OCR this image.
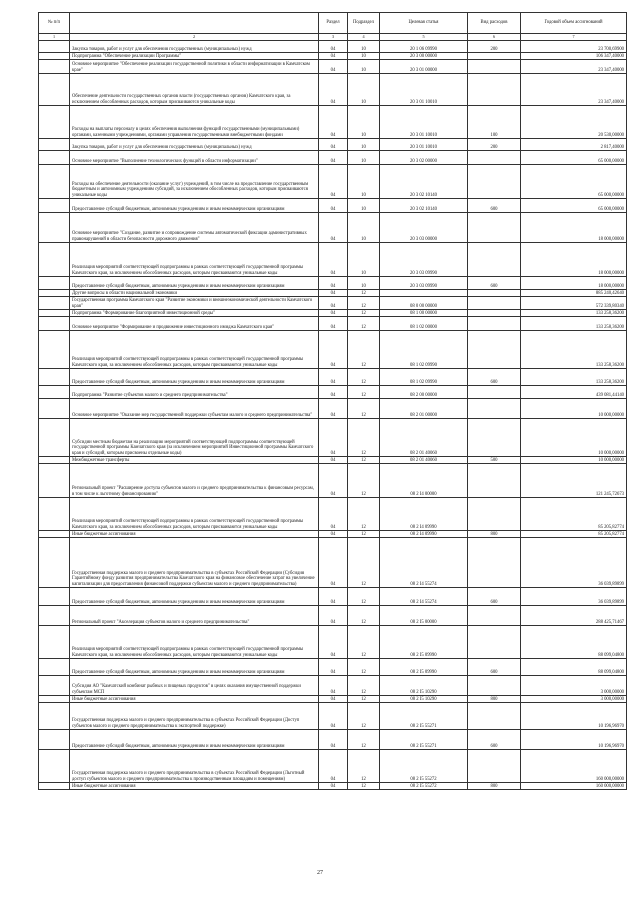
№ п/п		Раздел	Подраздел	Целевая статья	Вид расходов	Годовой объем ассигнований
1	2	3	4	5	6	7
	Закупка товаров, работ и услуг для обеспечения государственных (муниципальных) нужд	04	10	20 1 06 09990	200	23 700,69900
	Подпрограмма "Обеспечение реализации Программы"	04	10	20 3 00 00000		106 347,40000
	Основное мероприятие "Обеспечение реализации государственной политики в области информатизации в Камчатском крае"	04	10	20 3 01 00000		23 347,40000
	Обеспечение деятельности государственных органов власти (государственных органов) Камчатского края, за исключением обособленных расходов, которым присваиваются уникальные коды	04	10	20 3 01 10010		23 347,40000
	Расходы на выплаты персоналу в целях обеспечения выполнения функций государственными (муниципальными) органами, казенными учреждениями, органами управления государственными внебюджетными фондами	04	10	20 3 01 10010	100	20 530,00000
	Закупка товаров, работ и услуг для обеспечения государственных (муниципальных) нужд	04	10	20 3 01 10010	200	2 817,40000
	Основное мероприятие "Выполнение технологических функций в области информатизации"	04	10	20 3 02 00000		65 000,00000
	Расходы на обеспечение деятельности (оказание услуг) учреждений, в том числе на предоставление государственным бюджетным и автономным учреждениям субсидий, за исключением обособленных расходов, которым присваиваются уникальные коды	04	10	20 3 02 10140		65 000,00000
	Предоставление субсидий бюджетным, автономным учреждениям и иным некоммерческим организациям	04	10	20 3 02 10140	600	65 000,00000
	Основное мероприятие "Создание, развитие и сопровождение системы автоматической фиксации административных правонарушений в области безопасности дорожного движения"	04	10	20 3 03 00000		18 000,00000
	Реализация мероприятий соответствующей подпрограммы в рамках соответствующей государственной программы Камчатского края, за исключением обособленных расходов, которым присваиваются уникальные коды	04	10	20 3 03 09990		18 000,00000
	Предоставление субсидий бюджетным, автономным учреждениям и иным некоммерческим организациям	04	10	20 3 03 09990	600	18 000,00000
	Другие вопросы в области национальной экономики	04	12			885 240,42640
	Государственная программа Камчатского края "Развитие экономики и внешнеэкономической деятельности Камчатского края"	04	12	08 0 00 00000		572 339,80340
	Подпрограмма "Формирование благоприятной инвестиционной среды"	04	12	08 1 00 00000		133 258,36200
	Основное мероприятие "Формирование и продвижение инвестиционного имиджа Камчатского края"	04	12	08 1 02 00000		133 258,36200
	Реализация мероприятий соответствующей подпрограммы в рамках соответствующей государственной программы Камчатского края, за исключением обособленных расходов, которым присваиваются уникальные коды	04	12	08 1 02 09990		133 258,36200
	Предоставление субсидий бюджетным, автономным учреждениям и иным некоммерческим организациям	04	12	08 1 02 09990	600	133 258,36200
	Подпрограмма "Развитие субъектов малого и среднего предпринимательства"	04	12	08 2 00 00000		439 081,44140
	Основное мероприятие "Оказание мер государственной поддержки субъектам малого и среднего предпринимательства"	04	12	08 2 01 00000		10 000,00000
	Субсидии местным бюджетам на реализацию мероприятий соответствующей подпрограммы соответствующей государственной программы Камчатского края (за исключением мероприятий Инвестиционной программы Камчатского края и субсидий, которым присвоены отдельные коды)	04	12	08 2 01 40060		10 000,00000
	Межбюджетные трансферты	04	12	08 2 01 40060	500	10 000,00000
	Региональный проект "Расширение доступа субъектов малого и среднего предпринимательства к финансовым ресурсам, в том числе к льготному финансированию"	04	12	08 2 I4 00000		121 245,72673
	Реализация мероприятий соответствующей подпрограммы в рамках соответствующей государственной программы Камчатского края, за исключением обособленных расходов, которым присваиваются уникальные коды	04	12	08 2 I4 09990		85 205,82774
	Иные бюджетные ассигнования	04	12	08 2 I4 09990	800	85 205,82774
	Государственная поддержка малого и среднего предпринимательства в субъектах Российской Федерации (Субсидия Гарантийному фонду развития предпринимательства Камчатского края на финансовое обеспечение затрат на увеличение капитализации для предоставления финансовой поддержки субъектам малого и среднего предпринимательства)	04	12	08 2 I4 55274		36 039,89899
	Предоставление субсидий бюджетным, автономным учреждениям и иным некоммерческим организациям	04	12	08 2 I4 55274	600	36 039,89899
	Региональный проект "Акселерация субъектов малого и среднего предпринимательства"	04	12	08 2 I5 00000		288 425,71467
	Реализация мероприятий соответствующей подпрограммы в рамках соответствующей государственной программы Камчатского края, за исключением обособленных расходов, которым присваиваются уникальные коды	04	12	08 2 I5 09990		88 099,04800
	Предоставление субсидий бюджетным, автономным учреждениям и иным некоммерческим организациям	04	12	08 2 I5 09990	600	88 099,04800
	Субсидия АО "Камчатский комбинат рыбных и пищевых продуктов" в целях оказания имущественной поддержки субъектам МСП	04	12	08 2 I5 10290		3 000,00000
	Иные бюджетные ассигнования	04	12	08 2 I5 10290	800	3 000,00000
	Государственная поддержка малого и среднего предпринимательства в субъектах Российской Федерации (Доступ субъектов малого и среднего предпринимательства к экспортной поддержке)	04	12	08 2 I5 55271		10 196,96970
	Предоставление субсидий бюджетным, автономным учреждениям и иным некоммерческим организациям	04	12	08 2 I5 55271	600	10 196,96970
	Государственная поддержка малого и среднего предпринимательства в субъектах Российской Федерации (Льготный доступ субъектов малого и среднего предпринимательства к производственным площадям и помещениям)	04	12	08 2 I5 55272		160 000,00000
	Иные бюджетные ассигнования	04	12	08 2 I5 55272	800	160 000,00000
27
